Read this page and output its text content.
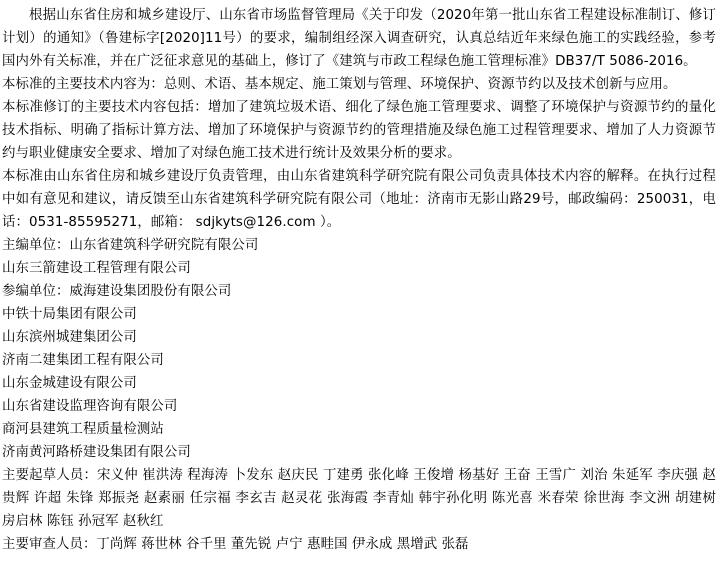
根据山东省住房和城乡建设厅、山东省市场监督管理局《关于印发（2020年第一批山东省工程建设标准制订、修订计划）的通知》（鲁建标字[2020]11号）的要求，编制组经深入调查研究，认真总结近年来绿色施工的实践经验，参考国内外有关标准，并在广泛征求意见的基础上，修订了《建筑与市政工程绿色施工管理标准》DB37/T 5086-2016。

本标准的主要技术内容为：总则、术语、基本规定、施工策划与管理、环境保护、资源节约以及技术创新与应用。

本标准修订的主要技术内容包括：增加了建筑垃圾术语、细化了绿色施工管理要求、调整了环境保护与资源节约的量化技术指标、明确了指标计算方法、增加了环境保护与资源节约的管理措施及绿色施工过程管理要求、增加了人力资源节约与职业健康安全要求、增加了对绿色施工技术进行统计及效果分析的要求。

本标准由山东省住房和城乡建设厅负责管理，由山东省建筑科学研究院有限公司负责具体技术内容的解释。在执行过程中如有意见和建议，请反馈至山东省建筑科学研究院有限公司（地址：济南市无影山路29号，邮政编码：250031，电话：0531-85595271，邮箱： sdjkyts@126.com ）。

主编单位：山东省建筑科学研究院有限公司

山东三箭建设工程管理有限公司

参编单位：威海建设集团股份有限公司

中铁十局集团有限公司

山东滨州城建集团公司

济南二建集团工程有限公司

山东金城建设有限公司

山东省建设监理咨询有限公司

商河县建筑工程质量检测站

济南黄河路桥建设集团有限公司

主要起草人员：宋义仲 崔洪涛 程海涛 卜发东 赵庆民 丁建勇 张化峰 王俊增 杨基好 王奋 王雪广 刘治 朱延军 李庆强 赵贵辉 许超 朱锋 郑振尧 赵素丽 任宗福 李玄吉 赵灵花 张海霞 李青灿 韩宇孙化明 陈光喜 米春荣 徐世海 李文洲 胡建树 房启林 陈钰 孙冠军 赵秋红

主要审查人员：丁尚辉 蒋世林 谷千里 董先锐 卢宁 惠畦国 伊永成 黑增武 张磊
